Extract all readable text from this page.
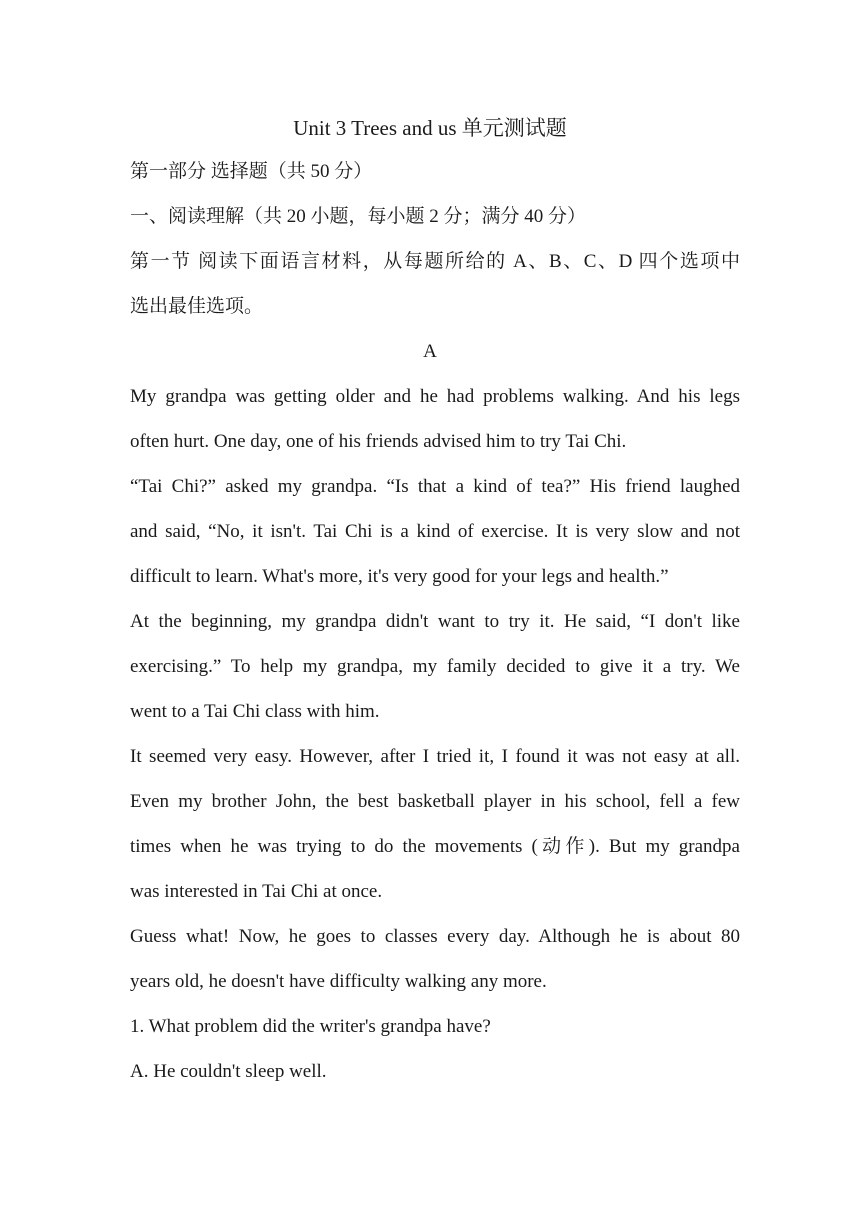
Unit 3 Trees and us 单元测试题
第一部分 选择题（共 50 分）
一、阅读理解（共 20 小题，每小题 2 分；满分 40 分）
第一节 阅读下面语言材料，从每题所给的 A、B、C、D 四个选项中
选出最佳选项。
A
My grandpa was getting older and he had problems walking. And his legs
often hurt. One day, one of his friends advised him to try Tai Chi.
“Tai Chi?” asked my grandpa. “Is that a kind of tea?” His friend laughed
and said, “No, it isn't. Tai Chi is a kind of exercise. It is very slow and not
difficult to learn. What's more, it's very good for your legs and health.”
At the beginning, my grandpa didn't want to try it. He said, “I don't like
exercising.” To help my grandpa, my family decided to give it a try. We
went to a Tai Chi class with him.
It seemed very easy. However, after I tried it, I found it was not easy at all.
Even my brother John, the best basketball player in his school, fell a few
times when he was trying to do the movements (动作). But my grandpa
was interested in Tai Chi at once.
Guess what! Now, he goes to classes every day. Although he is about 80
years old, he doesn't have difficulty walking any more.
1. What problem did the writer's grandpa have?
A. He couldn't sleep well.
